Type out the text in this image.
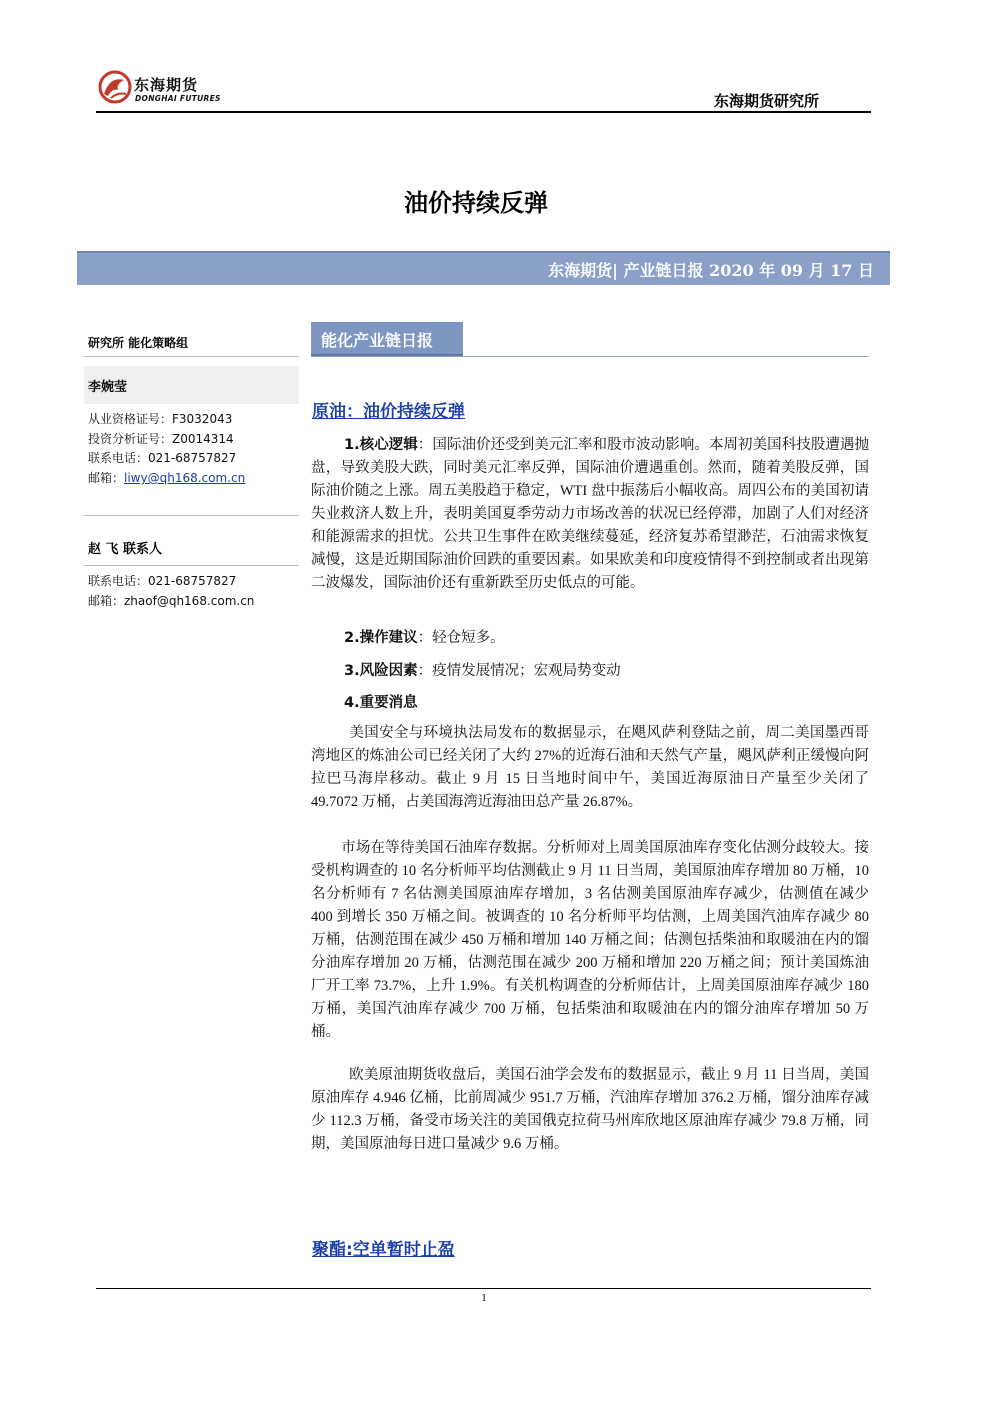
东海期货
DONGHAI FUTURES	东海期货研究所
油价持续反弹
东海期货| 产业链日报 2020 年 09 月 17 日
研究所 能化策略组
李婉莹
从业资格证号：F3032043
投资分析证号：Z0014314
联系电话：021-68757827
邮箱：liwy@qh168.com.cn
赵 飞 联系人
联系电话：021-68757827
邮箱：zhaof@qh168.com.cn
能化产业链日报
原油：油价持续反弹
1.核心逻辑：国际油价还受到美元汇率和股市波动影响。本周初美国科技股遭遇抛盘，导致美股大跌，同时美元汇率反弹，国际油价遭遇重创。然而，随着美股反弹，国际油价随之上涨。周五美股趋于稳定，WTI 盘中振荡后小幅收高。周四公布的美国初请失业救济人数上升，表明美国夏季劳动力市场改善的状况已经停滞，加剧了人们对经济和能源需求的担忧。公共卫生事件在欧美继续蔓延，经济复苏希望渺茫，石油需求恢复减慢，这是近期国际油价回跌的重要因素。如果欧美和印度疫情得不到控制或者出现第二波爆发，国际油价还有重新跌至历史低点的可能。
2.操作建议：轻仓短多。
3.风险因素：疫情发展情况；宏观局势变动
4.重要消息
美国安全与环境执法局发布的数据显示，在飓风萨利登陆之前，周二美国墨西哥湾地区的炼油公司已经关闭了大约 27%的近海石油和天然气产量，飓风萨利正缓慢向阿拉巴马海岸移动。截止 9 月 15 日当地时间中午，美国近海原油日产量至少关闭了 49.7072 万桶，占美国海湾近海油田总产量 26.87%。
市场在等待美国石油库存数据。分析师对上周美国原油库存变化估测分歧较大。接受机构调查的 10 名分析师平均估测截止 9 月 11 日当周，美国原油库存增加 80 万桶，10 名分析师有 7 名估测美国原油库存增加，3 名估测美国原油库存减少，估测值在减少 400 到增长 350 万桶之间。被调查的 10 名分析师平均估测，上周美国汽油库存减少 80 万桶，估测范围在减少 450 万桶和增加 140 万桶之间；估测包括柴油和取暖油在内的馏分油库存增加 20 万桶，估测范围在减少 200 万桶和增加 220 万桶之间；预计美国炼油厂开工率 73.7%，上升 1.9%。有关机构调查的分析师估计，上周美国原油库存减少 180 万桶，美国汽油库存减少 700 万桶，包括柴油和取暖油在内的馏分油库存增加 50 万桶。
欧美原油期货收盘后，美国石油学会发布的数据显示，截止 9 月 11 日当周，美国原油库存 4.946 亿桶，比前周减少 951.7 万桶，汽油库存增加 376.2 万桶，馏分油库存减少 112.3 万桶，备受市场关注的美国俄克拉荷马州库欣地区原油库存减少 79.8 万桶，同期，美国原油每日进口量减少 9.6 万桶。
聚酯:空单暂时止盈
1
